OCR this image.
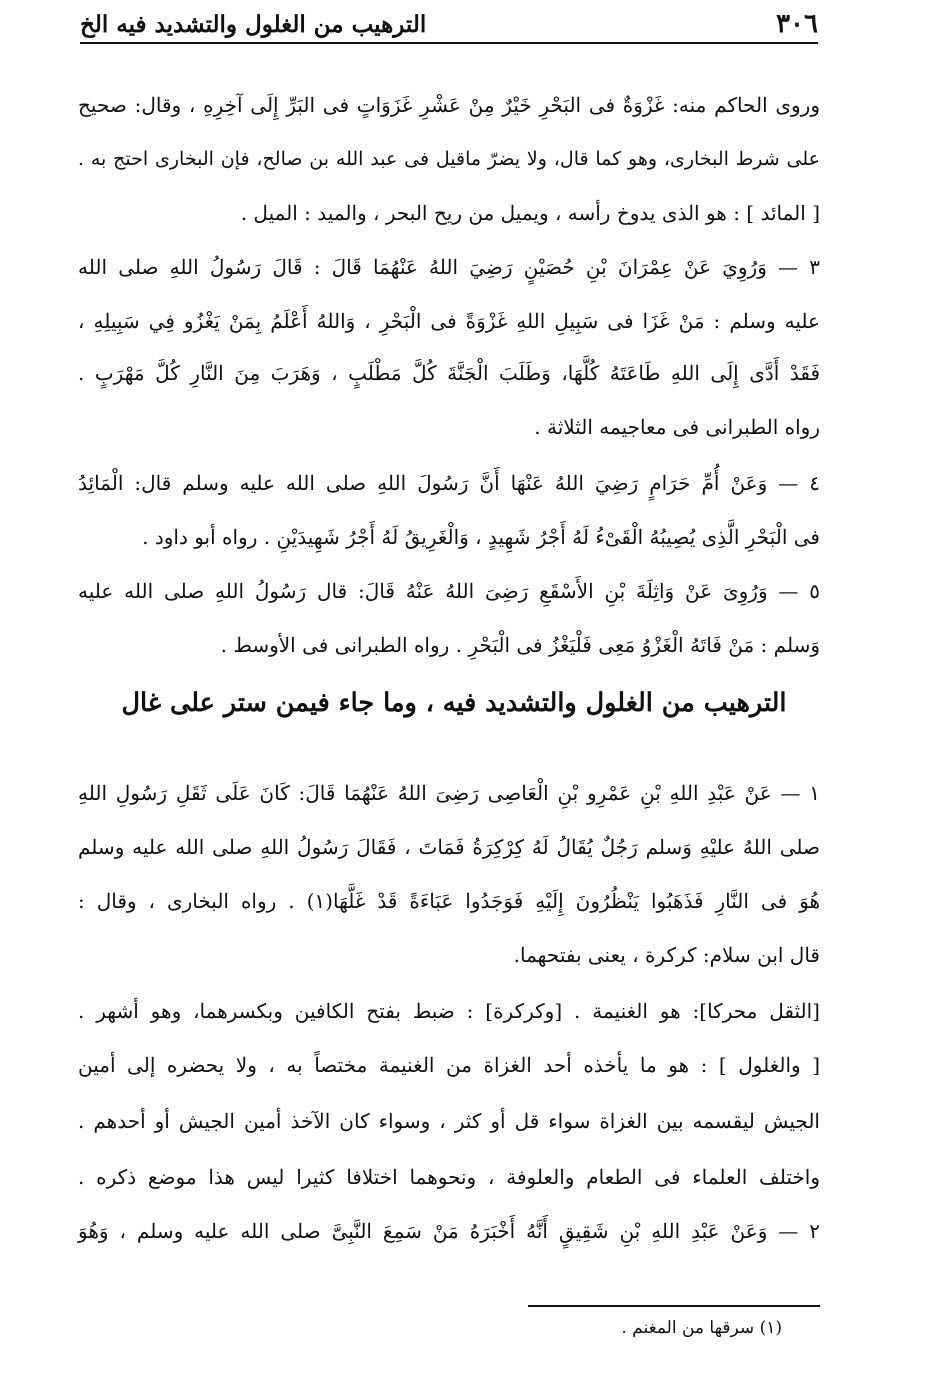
٣٠٦
الترهيب من الغلول والتشديد فيه الخ
وروى الحاكم منه: غَزْوَةٌ فى البَحْرِ خَيْرٌ مِنْ عَشْرِ غَزَوَاتٍ فى البَرِّ إِلَى آخِرِهِ ، وقال: صحيح
على شرط البخارى، وهو كما قال، ولا يضرّ ماقيل فى عبد الله بن صالح، فإن البخارى احتج به .
[ المائد ] : هو الذى يدوخ رأسه ، ويميل من ريح البحر ، والميد : الميل .
٣ — وَرُوِيَ عَنْ عِمْرَانَ بْنِ حُصَيْنٍ رَضِيَ اللهُ عَنْهُمَا قَالَ : قَالَ رَسُولُ اللهِ صلى الله
عليه وسلم : مَنْ غَزَا فى سَبِيلِ اللهِ غَزْوَةً فى الْبَحْرِ ، وَاللهُ أَعْلَمُ بِمَنْ يَغْزُو فِي سَبِيلِهِ ،
فَقَدْ أَدَّى إِلَى اللهِ طَاعَتَهُ كُلَّهَا، وَطَلَبَ الْجَنَّةَ كُلَّ مَطْلَبٍ ، وَهَرَبَ مِنَ النَّارِ كُلَّ مَهْرَبٍ .
رواه الطبرانى فى معاجيمه الثلاثة .
٤ — وَعَنْ أُمِّ حَرَامٍ رَضِيَ اللهُ عَنْهَا أَنَّ رَسُولَ اللهِ صلى الله عليه وسلم قال: الْمَائِدُ
فى الْبَحْرِ الَّذِى يُصِيبُهُ الْقَىْءُ لَهُ أَجْرُ شَهِيدٍ ، وَالْغَرِيقُ لَهُ أَجْرُ شَهِيدَيْنِ . رواه أبو داود .
٥ — وَرُوِىَ عَنْ وَاثِلَةَ بْنِ الأَسْقَعِ رَضِىَ اللهُ عَنْهُ قَالَ: قال رَسُولُ اللهِ صلى الله عليه
وَسلم : مَنْ فَاتَهُ الْغَزْوُ مَعِى فَلْيَغْزُ فى الْبَحْرِ . رواه الطبرانى فى الأوسط .
الترهيب من الغلول والتشديد فيه ، وما جاء فيمن ستر على غال
١ — عَنْ عَبْدِ اللهِ بْنِ عَمْرِو بْنِ الْعَاصِى رَضِىَ اللهُ عَنْهُمَا قَالَ: كَانَ عَلَى ثَقَلِ رَسُولِ اللهِ
صلى اللهُ عليْهِ وَسلم رَجُلٌ يُقَالُ لَهُ كِرْكِرَةُ فَمَاتَ ، فَقَالَ رَسُولُ اللهِ صلى الله عليه وسلم
هُوَ فى النَّارِ فَذَهَبُوا يَنْظُرُونَ إِلَيْهِ فَوَجَدُوا عَبَاءَةً قَدْ غَلَّهَا(١) . رواه البخارى ، وقال :
قال ابن سلام: كركرة ، يعنى بفتحهما.
[الثقل محركا]: هو الغنيمة . [وكركرة] : ضبط بفتح الكافين وبكسرهما، وهو أشهر .
[ والغلول ] : هو ما يأخذه أحد الغزاة من الغنيمة مختصاً به ، ولا يحضره إلى أمين
الجيش ليقسمه بين الغزاة سواء قل أو كثر ، وسواء كان الآخذ أمين الجيش أو أحدهم .
واختلف العلماء فى الطعام والعلوفة ، ونحوهما اختلافا كثيرا ليس هذا موضع ذكره .
٢ — وَعَنْ عَبْدِ اللهِ بْنِ شَقِيقٍ أَنَّهُ أَخْبَرَهُ مَنْ سَمِعَ النَّبِىَّ صلى الله عليه وسلم ، وَهُوَ
(١) سرقها من المغنم .
